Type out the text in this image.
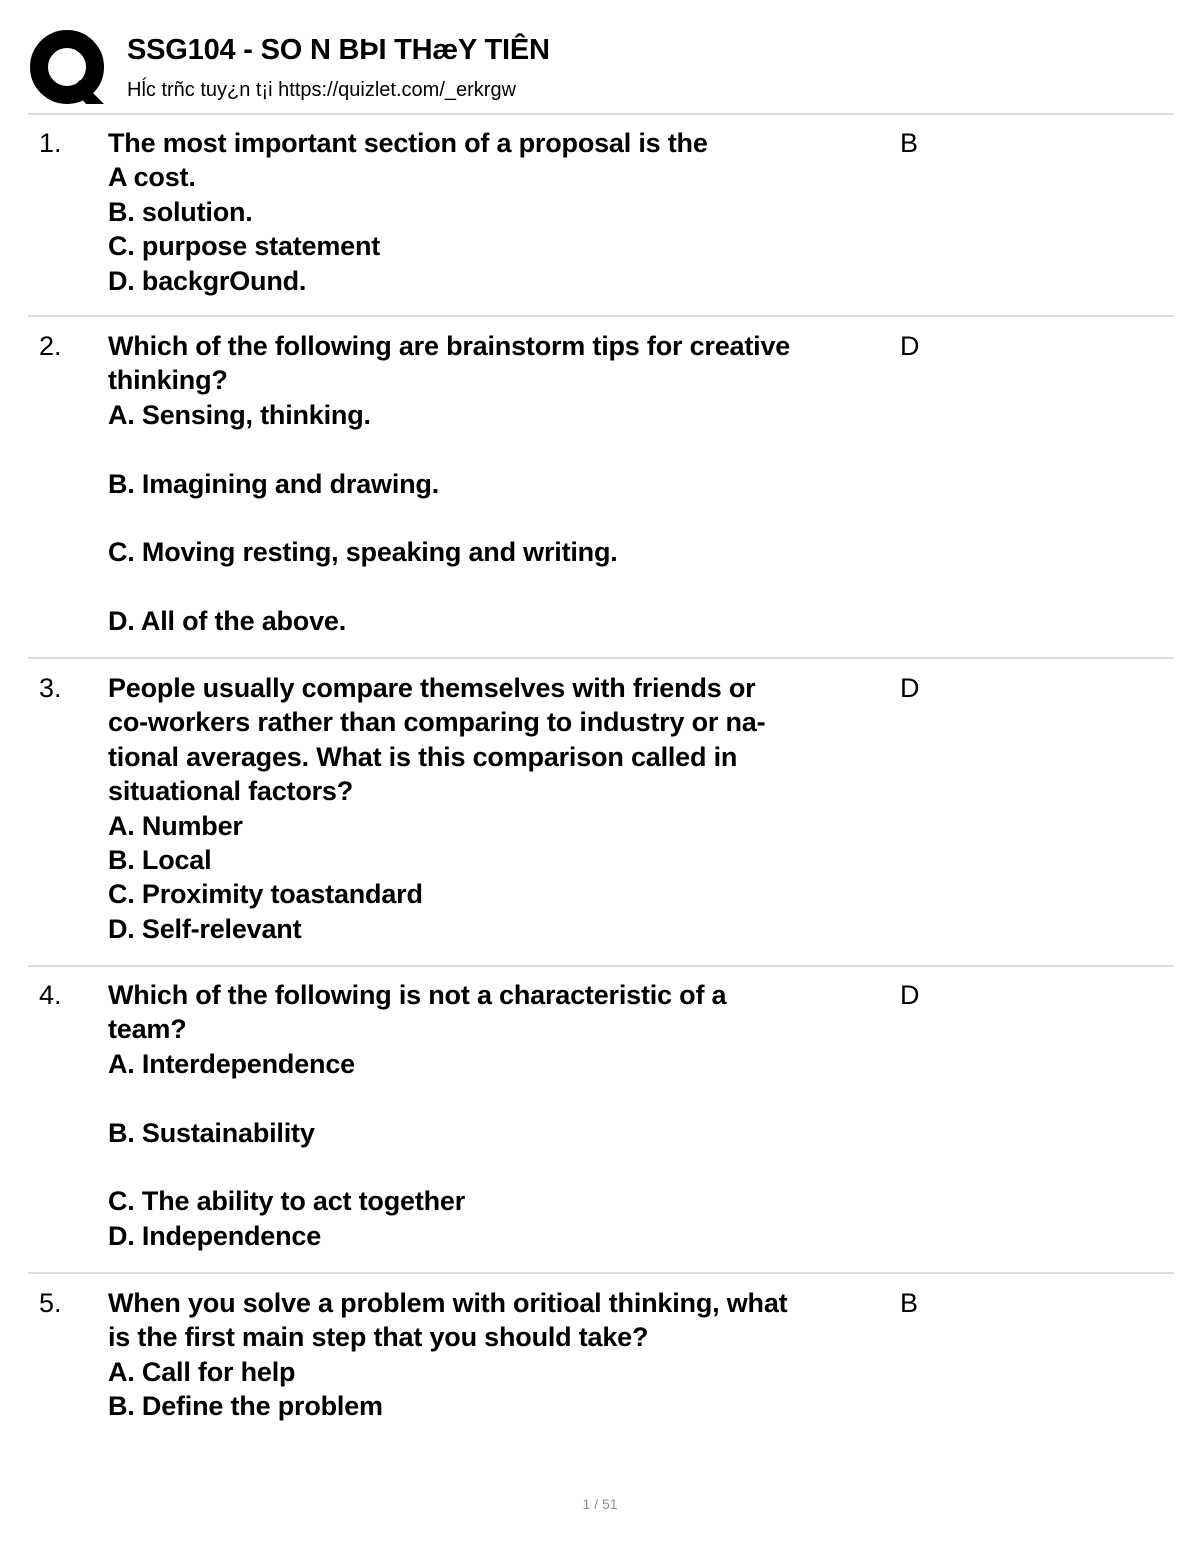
SSG104 - SO N BÞI THæY TIÊN
Hĺc trñc tuy¿n t¡i https://quizlet.com/_erkrgw
1. The most important section of a proposal is the
A cost.
B. solution.
C. purpose statement
D. backgrOund.
B
2. Which of the following are brainstorm tips for creative
thinking?
A. Sensing, thinking.

B. Imagining and drawing.

C. Moving resting, speaking and writing.

D. All of the above.
D
3. People usually compare themselves with friends or
co-workers rather than comparing to industry or na-
tional averages. What is this comparison called in
situational factors?
A. Number
B. Local
C. Proximity toastandard
D. Self-relevant
D
4. Which of the following is not a characteristic of a
team?
A. Interdependence

B. Sustainability

C. The ability to act together
D. Independence
D
5. When you solve a problem with oritioal thinking, what
is the first main step that you should take?
A. Call for help
B. Define the problem
B
1 / 51
